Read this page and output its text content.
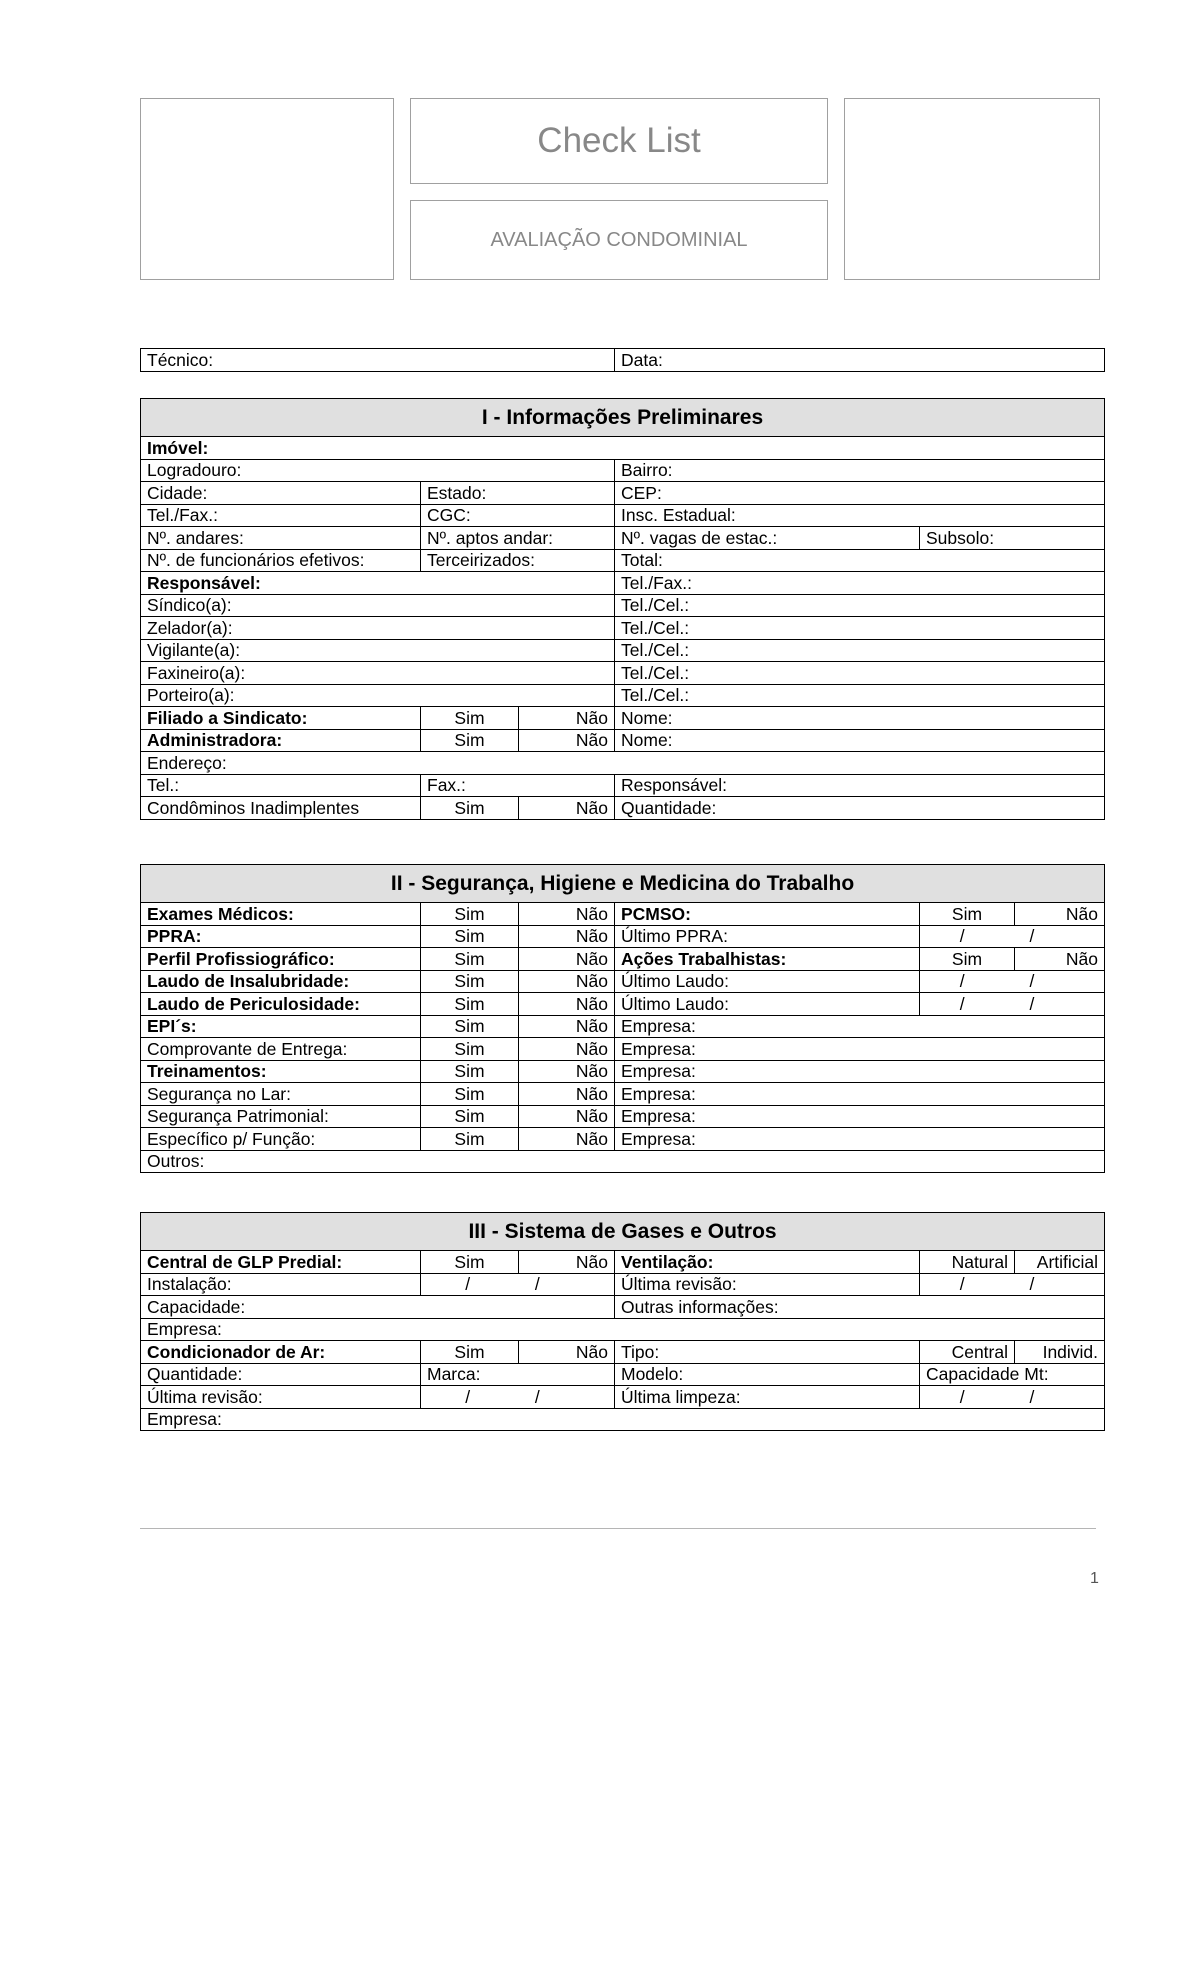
Check List
AVALIAÇÃO CONDOMINIAL
Técnico:	Data:
I - Informações Preliminares				
Imóvel:				
Logradouro:			Bairro:	
Cidade:	Estado:		CEP:	
Tel./Fax.:	CGC:		Insc. Estadual:	
Nº. andares:	Nº. aptos andar:		Nº. vagas de estac.:	Subsolo:
Nº. de funcionários efetivos:	Terceirizados:		Total:	
Responsável:			Tel./Fax.:	
Síndico(a):			Tel./Cel.:	
Zelador(a):			Tel./Cel.:	
Vigilante(a):			Tel./Cel.:	
Faxineiro(a):			Tel./Cel.:	
Porteiro(a):			Tel./Cel.:	
Filiado a Sindicato:	Sim	Não	Nome:	
Administradora:	Sim	Não	Nome:	
Endereço:				
Tel.:	Fax.:		Responsável:	
Condôminos Inadimplentes	Sim	Não	Quantidade:	
II - Segurança, Higiene e Medicina do Trabalho					
Exames Médicos:	Sim	Não	PCMSO:	Sim	Não
PPRA:	Sim	Não	Último PPRA:	/ /	
Perfil Profissiográfico:	Sim	Não	Ações Trabalhistas:	Sim	Não
Laudo de Insalubridade:	Sim	Não	Último Laudo:	/ /	
Laudo de Periculosidade:	Sim	Não	Último Laudo:	/ /	
EPI´s:	Sim	Não	Empresa:		
Comprovante de Entrega:	Sim	Não	Empresa:		
Treinamentos:	Sim	Não	Empresa:		
Segurança no Lar:	Sim	Não	Empresa:		
Segurança Patrimonial:	Sim	Não	Empresa:		
Específico p/ Função:	Sim	Não	Empresa:		
Outros:					
III - Sistema de Gases e Outros					
Central de GLP Predial:	Sim	Não	Ventilação:	Natural	Artificial
Instalação:	/ /		Última revisão:	/ /	
Capacidade:			Outras informações:		
Empresa:					
Condicionador de Ar:	Sim	Não	Tipo:	Central	Individ.
Quantidade:	Marca:		Modelo:	Capacidade Mt:	
Última revisão:	/ /		Última limpeza:	/ /	
Empresa:					
1
